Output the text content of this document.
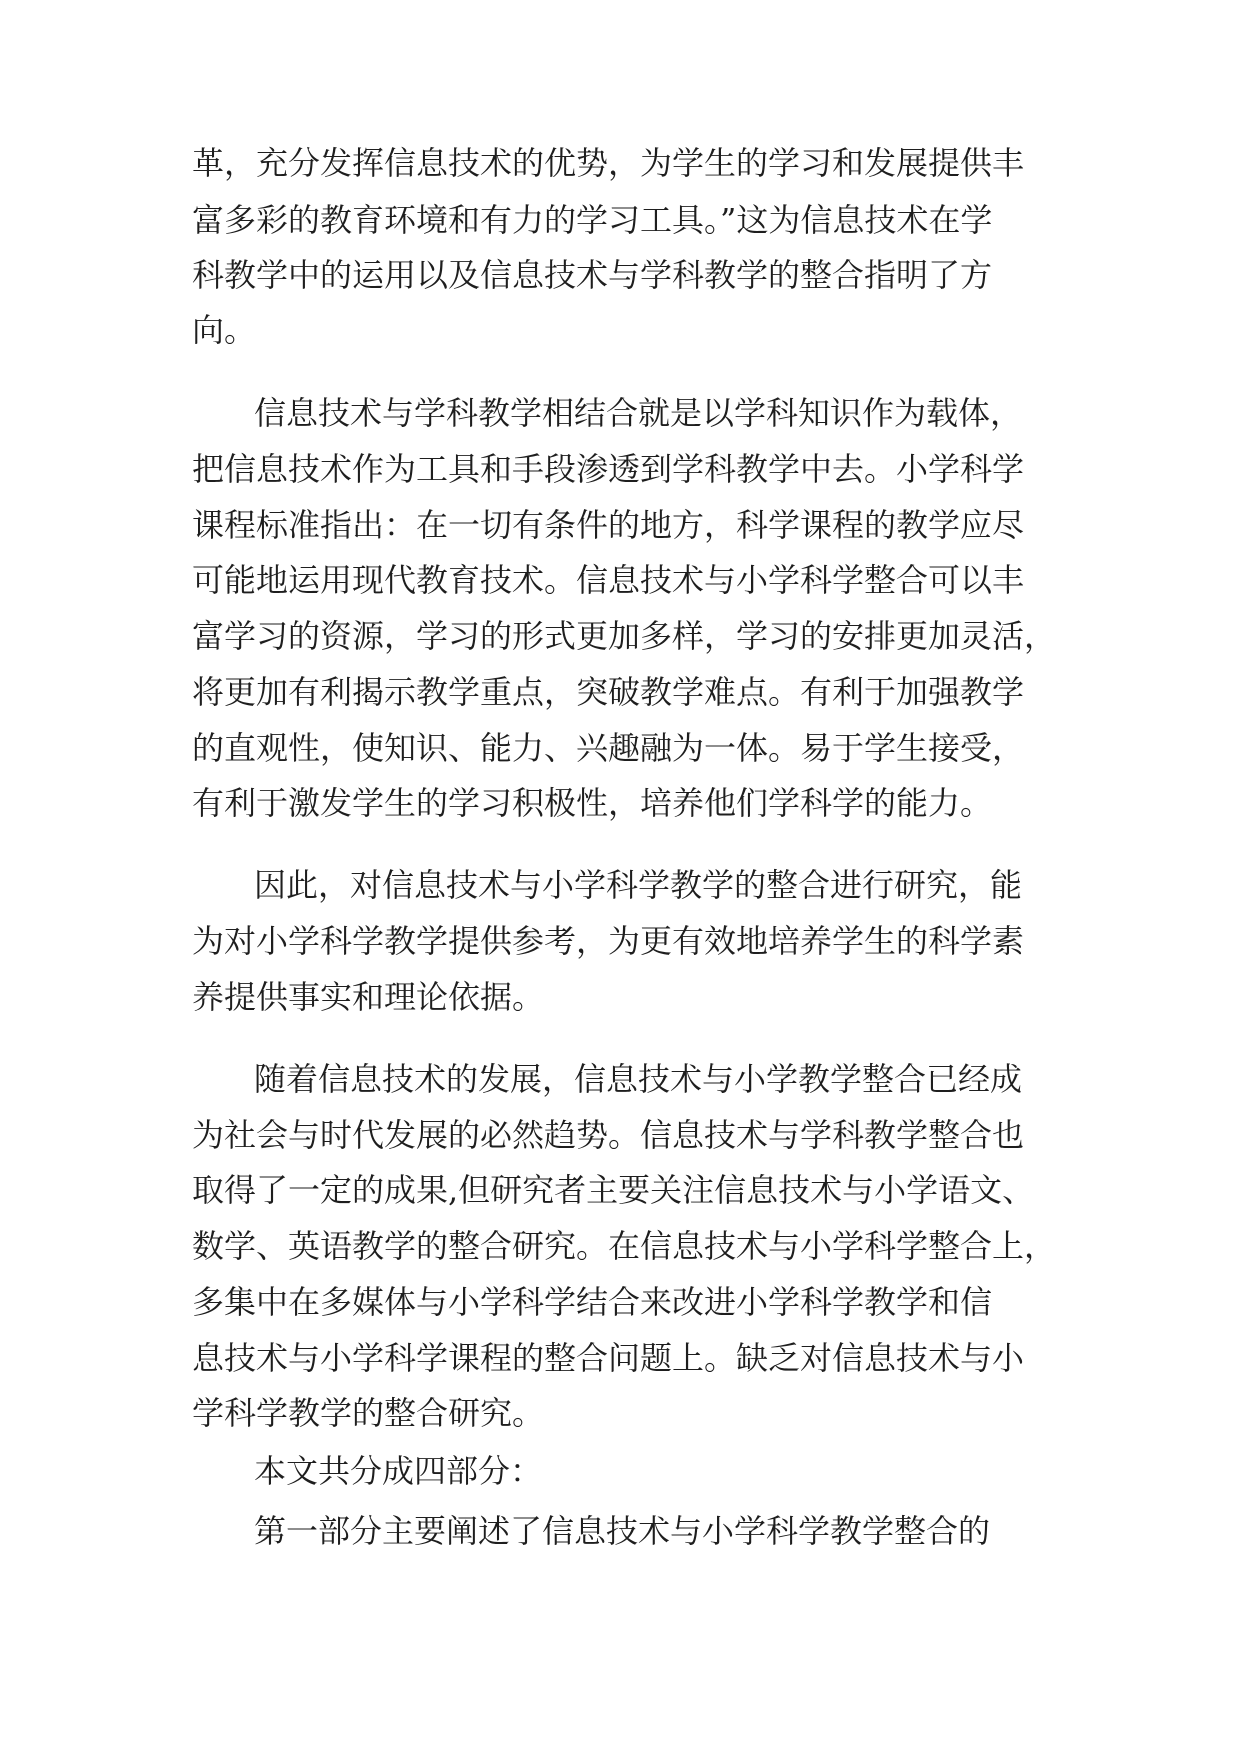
革，充分发挥信息技术的优势，为学生的学习和发展提供丰
富多彩的教育环境和有力的学习工具。”这为信息技术在学
科教学中的运用以及信息技术与学科教学的整合指明了方
向。
信息技术与学科教学相结合就是以学科知识作为载体，
把信息技术作为工具和手段渗透到学科教学中去。小学科学
课程标准指出：在一切有条件的地方，科学课程的教学应尽
可能地运用现代教育技术。信息技术与小学科学整合可以丰
富学习的资源，学习的形式更加多样，学习的安排更加灵活，
将更加有利揭示教学重点，突破教学难点。有利于加强教学
的直观性，使知识、能力、兴趣融为一体。易于学生接受，
有利于激发学生的学习积极性，培养他们学科学的能力。
因此，对信息技术与小学科学教学的整合进行研究，能
为对小学科学教学提供参考，为更有效地培养学生的科学素
养提供事实和理论依据。
随着信息技术的发展，信息技术与小学教学整合已经成
为社会与时代发展的必然趋势。信息技术与学科教学整合也
取得了一定的成果,但研究者主要关注信息技术与小学语文、
数学、英语教学的整合研究。在信息技术与小学科学整合上，
多集中在多媒体与小学科学结合来改进小学科学教学和信
息技术与小学科学课程的整合问题上。缺乏对信息技术与小
学科学教学的整合研究。
本文共分成四部分：
第一部分主要阐述了信息技术与小学科学教学整合的
